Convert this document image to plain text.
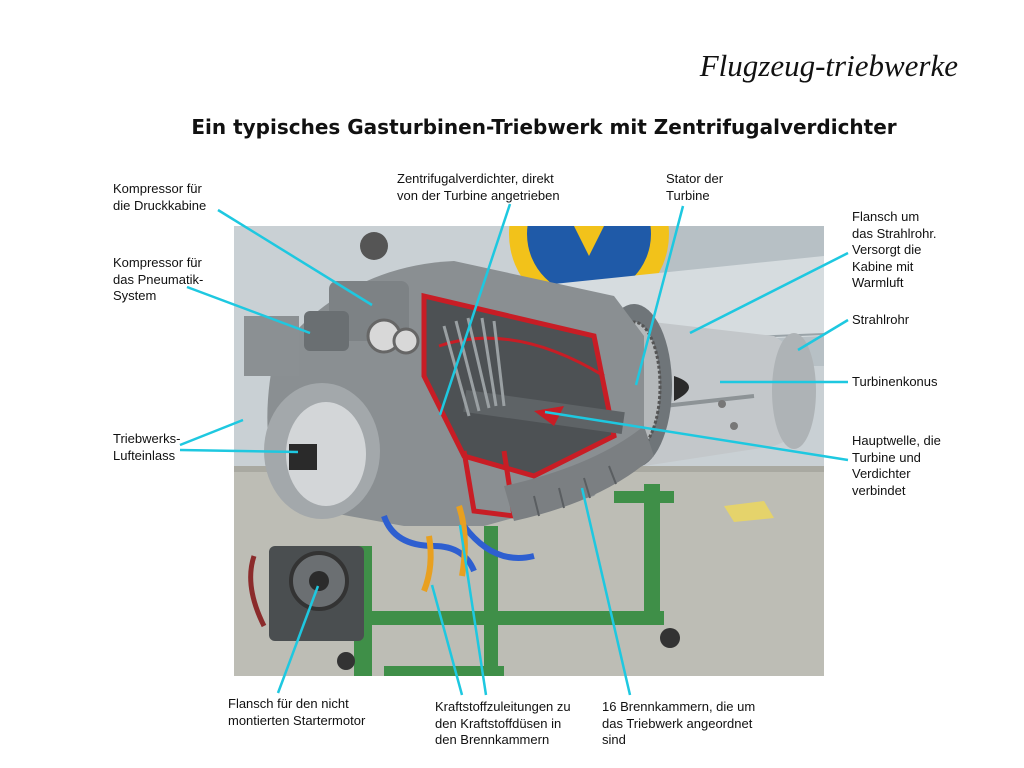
Flugzeug-triebwerke
Ein typisches Gasturbinen-Triebwerk mit Zentrifugalverdichter
Kompressor für
die Druckkabine
Kompressor für
das Pneumatik-
System
Triebwerks-
Lufteinlass
Zentrifugalverdichter, direkt
von der Turbine angetrieben
Stator der
Turbine
Flansch um
das Strahlrohr.
Versorgt die
Kabine mit
Warmluft
Strahlrohr
Turbinenkonus
Hauptwelle, die
Turbine und
Verdichter
verbindet
Flansch für den nicht
montierten Startermotor
Kraftstoffzuleitungen zu
den Kraftstoffdüsen in
den Brennkammern
16 Brennkammern, die um
das Triebwerk angeordnet
sind
